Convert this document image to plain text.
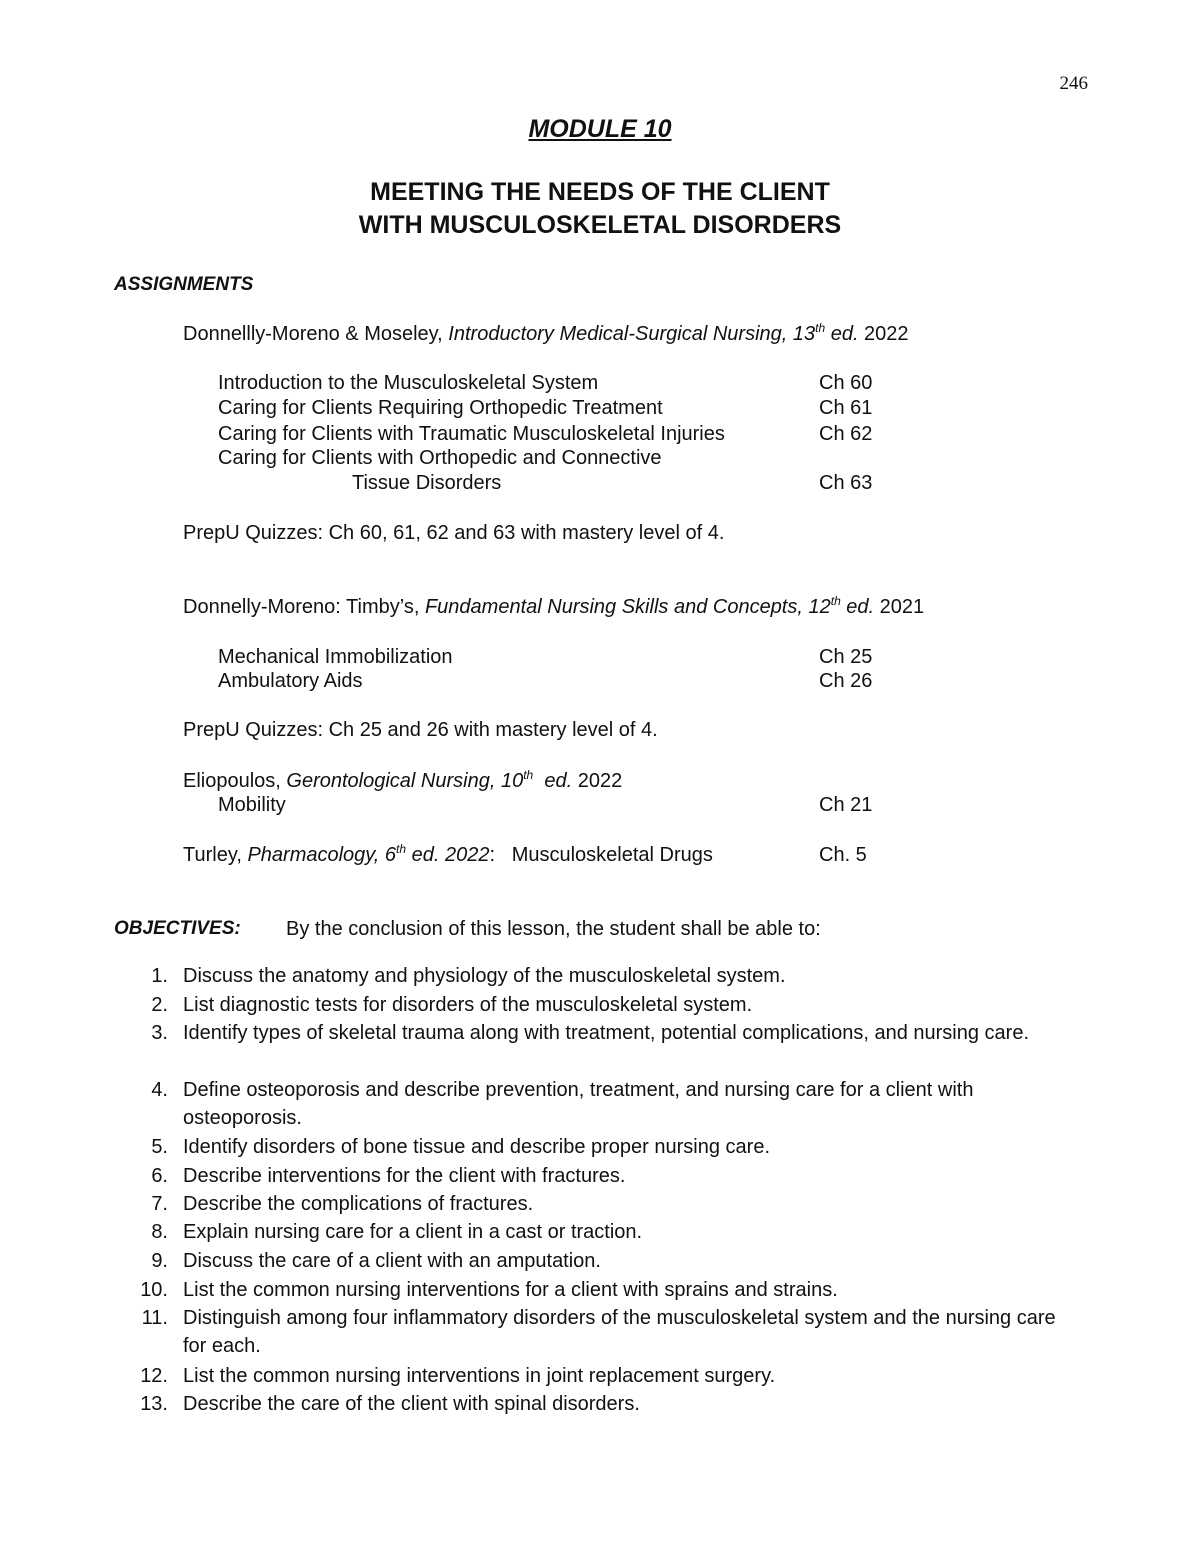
246
MODULE 10
MEETING THE NEEDS OF THE CLIENT
WITH MUSCULOSKELETAL DISORDERS
ASSIGNMENTS
Donnellly-Moreno & Moseley, Introductory Medical-Surgical Nursing, 13th ed. 2022
Introduction to the Musculoskeletal System	Ch 60
Caring for Clients Requiring Orthopedic Treatment	Ch 61
Caring for Clients with Traumatic Musculoskeletal Injuries	Ch 62
Caring for Clients with Orthopedic and Connective
Tissue Disorders	Ch 63
PrepU Quizzes: Ch 60, 61, 62 and 63 with mastery level of 4.
Donnelly-Moreno: Timby’s, Fundamental Nursing Skills and Concepts, 12th ed. 2021
Mechanical Immobilization	Ch 25
Ambulatory Aids	Ch 26
PrepU Quizzes: Ch 25 and 26 with mastery level of 4.
Eliopoulos, Gerontological Nursing, 10th  ed. 2022
Mobility	Ch 21
Turley, Pharmacology, 6th ed. 2022:   Musculoskeletal Drugs	Ch. 5
OBJECTIVES: By the conclusion of this lesson, the student shall be able to:
1. Discuss the anatomy and physiology of the musculoskeletal system.
2. List diagnostic tests for disorders of the musculoskeletal system.
3. Identify types of skeletal trauma along with treatment, potential complications, and nursing care.
4. Define osteoporosis and describe prevention, treatment, and nursing care for a client with osteoporosis.
5. Identify disorders of bone tissue and describe proper nursing care.
6. Describe interventions for the client with fractures.
7. Describe the complications of fractures.
8. Explain nursing care for a client in a cast or traction.
9. Discuss the care of a client with an amputation.
10. List the common nursing interventions for a client with sprains and strains.
11. Distinguish among four inflammatory disorders of the musculoskeletal system and the nursing care for each.
12. List the common nursing interventions in joint replacement surgery.
13. Describe the care of the client with spinal disorders.
